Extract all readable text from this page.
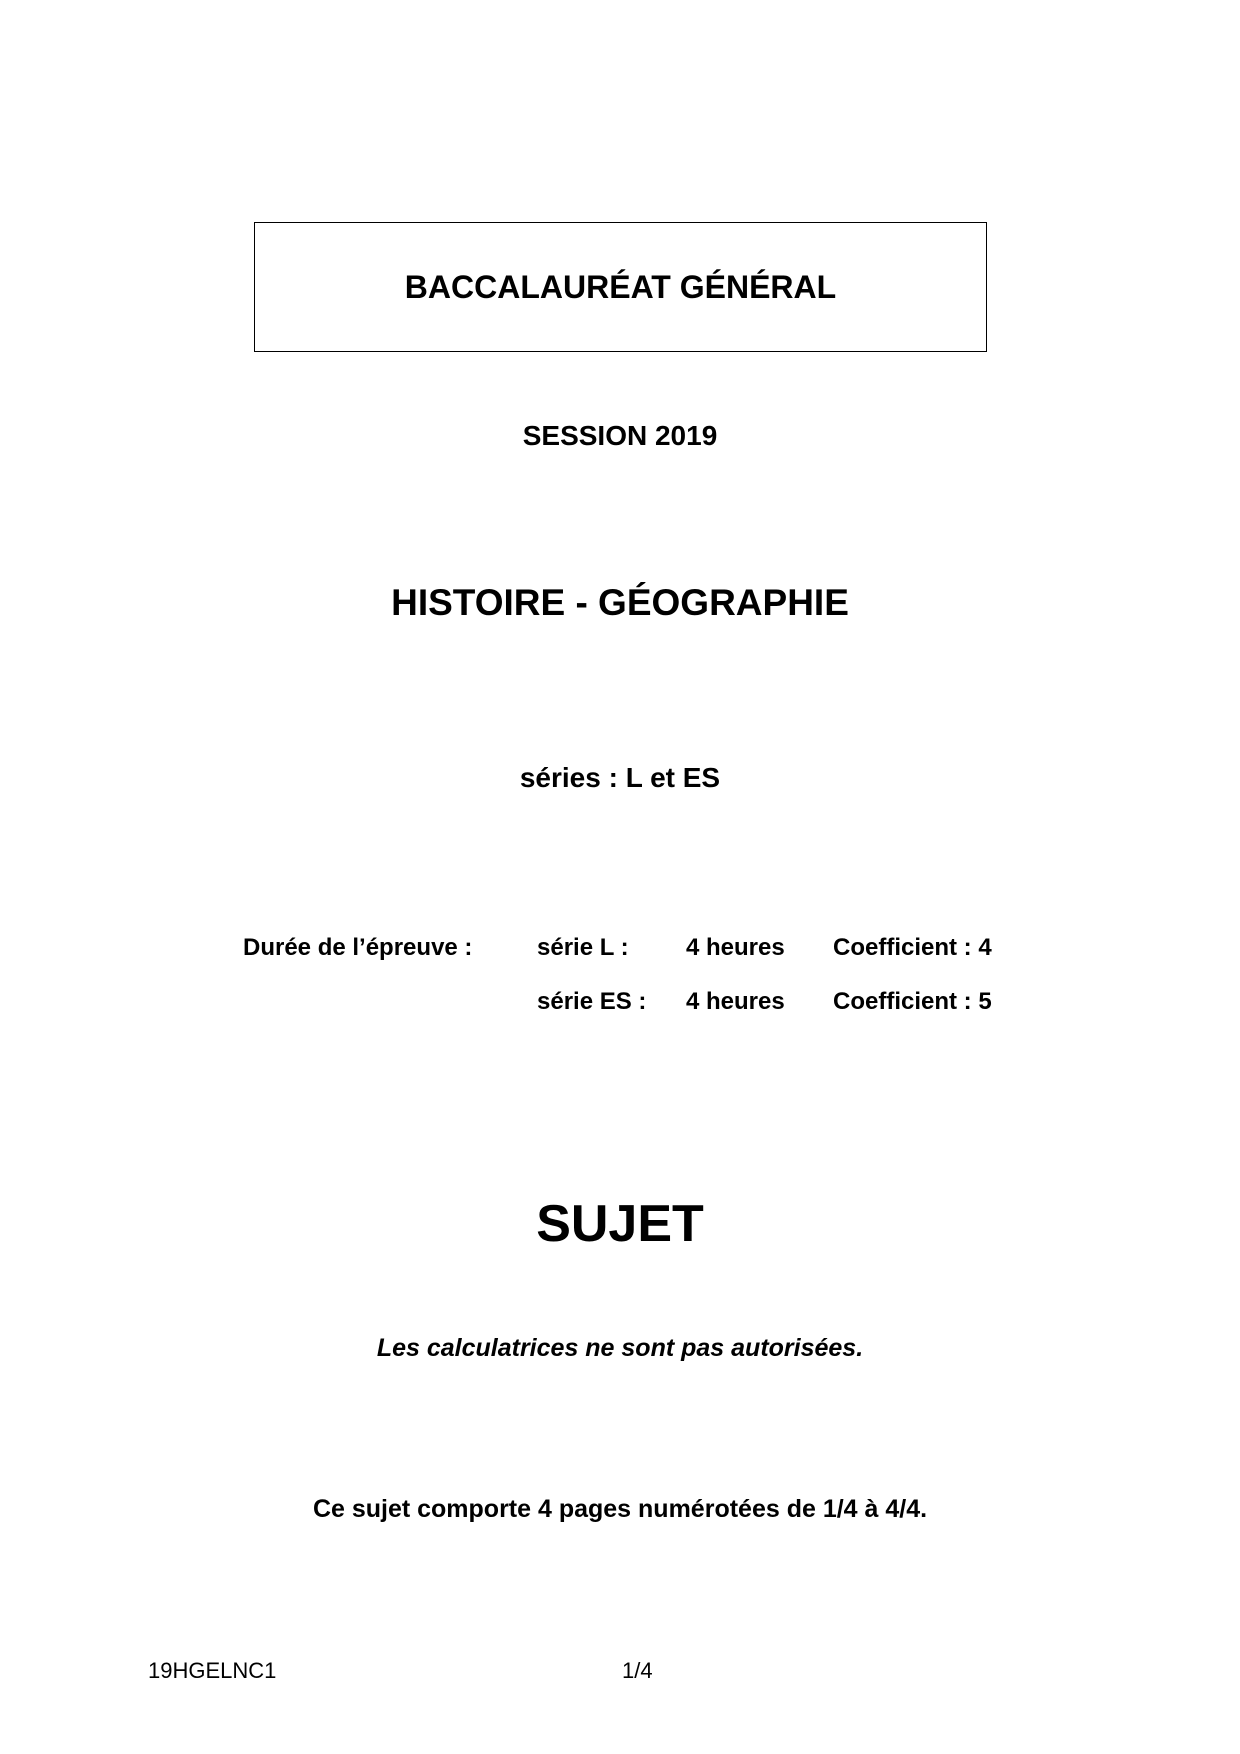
BACCALAURÉAT GÉNÉRAL
SESSION 2019
HISTOIRE - GÉOGRAPHIE
séries : L et ES
Durée de l’épreuve :	série L : 4 heures Coefficient : 4
série ES : 4 heures Coefficient : 5
SUJET
Les calculatrices ne sont pas autorisées.
Ce sujet comporte 4 pages numérotées de 1/4 à 4/4.
19HGELNC1	1/4
